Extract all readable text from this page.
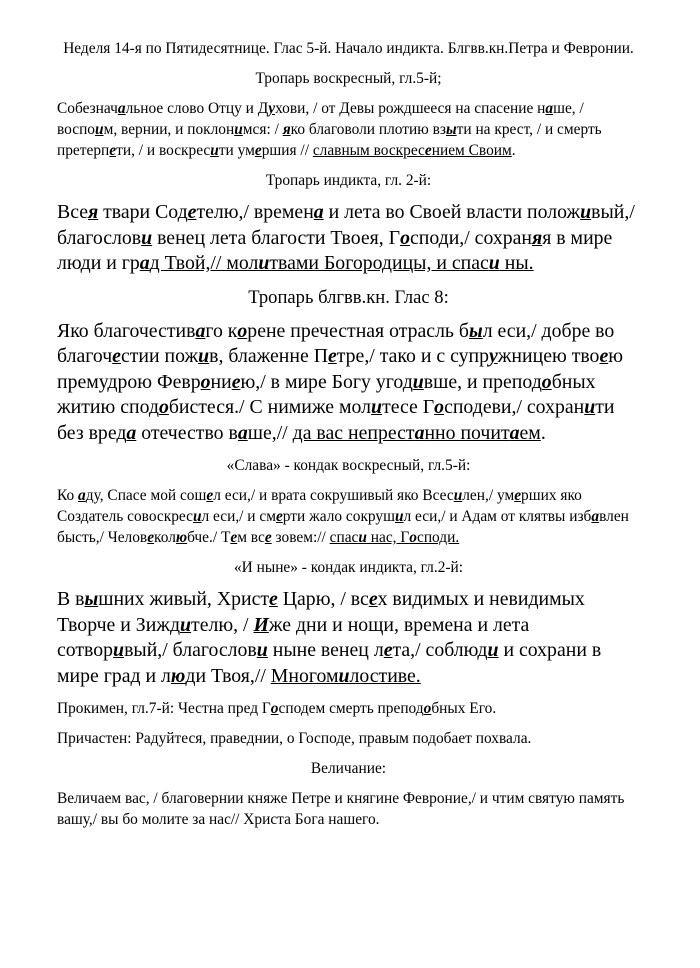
Неделя 14-я по Пятидесятнице. Глас 5-й. Начало индикта. Блгвв.кн.Петра и Февронии.

Тропарь воскресный, гл.5-й;

Собезначальное слово Отцу и Духови, / от Девы рождшееся на спасение наше, / воспоим, вернии, и поклонимся: / яко благоволи плотию взыти на крест, / и смерть претерпети, / и воскресити умершия // славным воскресением Своим.

Тропарь индикта, гл. 2-й:

Всея твари Содетелю,/ времена и лета во Своей власти положивый,/ благослови венец лета благости Твоея, Господи,/ сохраняя в мире люди и град Твой,// молитвами Богородицы, и спаси ны.

Тропарь блгвв.кн. Глас 8:

Яко благочестиваго корене пречестная отрасль был еси,/ добре во благочестии пожив, блаженне Петре,/ тако и с супружницею твоею премудрою Феврониею,/ в мире Богу угодивше, и преподобных житию сподобистеся./ С нимиже молитесе Господеви,/ сохранити без вреда отечество ваше,// да вас непрестанно почитаем.

«Слава» - кондак воскресный, гл.5-й:

Ко аду, Спасе мой сошел еси,/ и врата сокрушивый яко Всесилен,/ умерших яко Создатель совоскресил еси,/ и смерти жало сокрушил еси,/ и Адам от клятвы избавлен бысть,/ Человеколюбче./ Тем все зовем:// спаси нас, Господи.

«И ныне» - кондак индикта, гл.2-й:

В вышних живый, Христе Царю, / всех видимых и невидимых Творче и Зиждителю, / Иже дни и нощи, времена и лета сотворивый,/ благослови ныне венец лета,/ соблюди и сохрани в мире град и люди Твоя,// Многомилостиве.

Прокимен, гл.7-й: Честна пред Господем смерть преподобных Его.

Причастен: Радуйтеся, праведнии, о Господе, правым подобает похвала.

Величание:

Величаем вас, / благовернии княже Петре и княгине Февроние,/ и чтим святую память вашу,/ вы бо молите за нас// Христа Бога нашего.
